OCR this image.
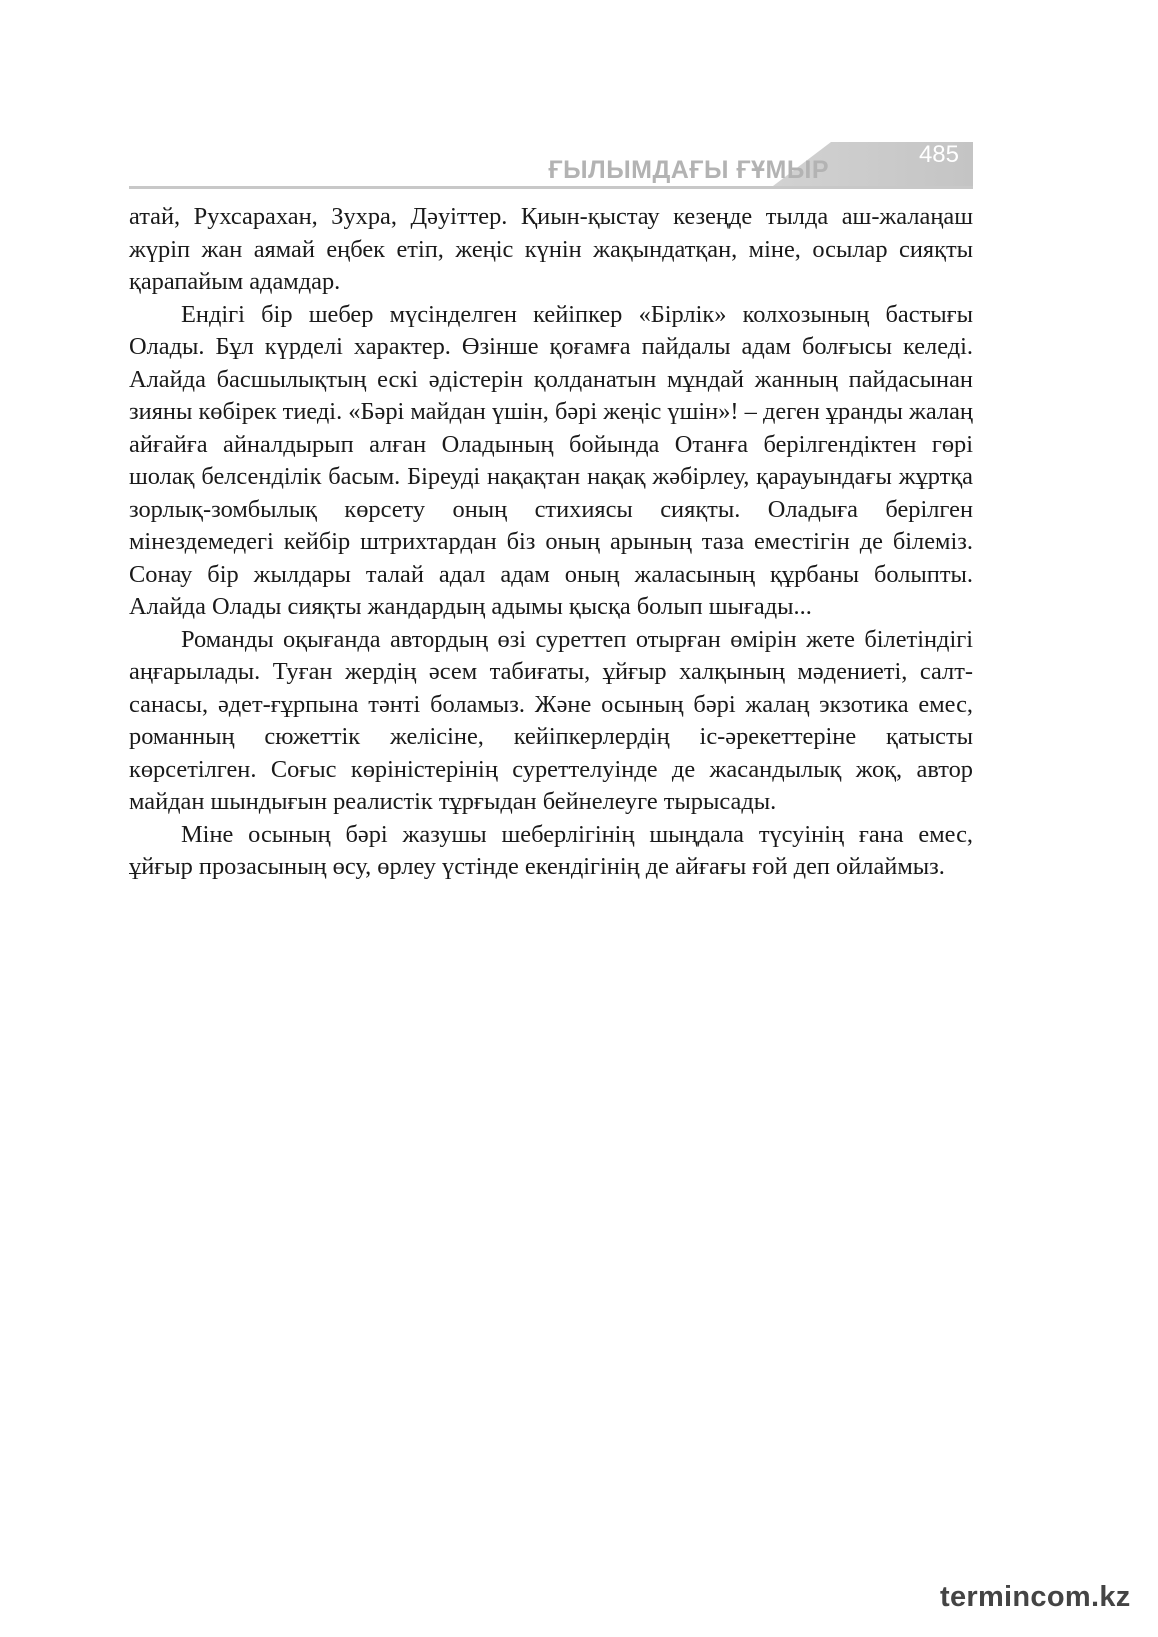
ҒЫЛЫМДАҒЫ ҒҰМЫР
485

атай, Рухсарахан, Зухра, Дәуіттер. Қиын-қыстау кезеңде тылда аш-жалаңаш жүріп жан аямай еңбек етіп, жеңіс күнін жақындатқан, міне, осылар сияқты қарапайым адамдар.

Ендігі бір шебер мүсінделген кейіпкер «Бірлік» колхозының бастығы Олады. Бұл күрделі характер. Өзінше қоғамға пайдалы адам болғысы келеді. Алайда басшылықтың ескі әдістерін қолданатын мұндай жанның пайдасынан зияны көбірек тиеді. «Бәрі майдан үшін, бәрі жеңіс үшін»! – деген ұранды жалаң айғайға айналдырып алған Оладының бойында Отанға берілгендіктен гөрі шолақ белсенділік басым. Біреуді нақақтан нақақ жәбірлеу, қарауындағы жұртқа зорлық-зомбылық көрсету оның стихиясы сияқты. Оладыға берілген мінездемедегі кейбір штрихтардан біз оның арының таза еместігін де білеміз. Сонау бір жылдары талай адал адам оның жаласының құрбаны болыпты. Алайда Олады сияқты жандардың адымы қысқа болып шығады...

Романды оқығанда автордың өзі суреттеп отырған өмірін жете білетіндігі аңғарылады. Туған жердің әсем табиғаты, ұйғыр халқының мәдениеті, салт-санасы, әдет-ғұрпына тәнті боламыз. Және осының бәрі жалаң экзотика емес, романның сюжеттік желісіне, кейіпкерлердің іс-әрекеттеріне қатысты көрсетілген. Соғыс көріністерінің суреттелуінде де жасандылық жоқ, автор майдан шындығын реалистік тұрғыдан бейнелеуге тырысады.

Міне осының бәрі жазушы шеберлігінің шыңдала түсуінің ғана емес, ұйғыр прозасының өсу, өрлеу үстінде екендігінің де айғағы ғой деп ойлаймыз.

termincom.kz
